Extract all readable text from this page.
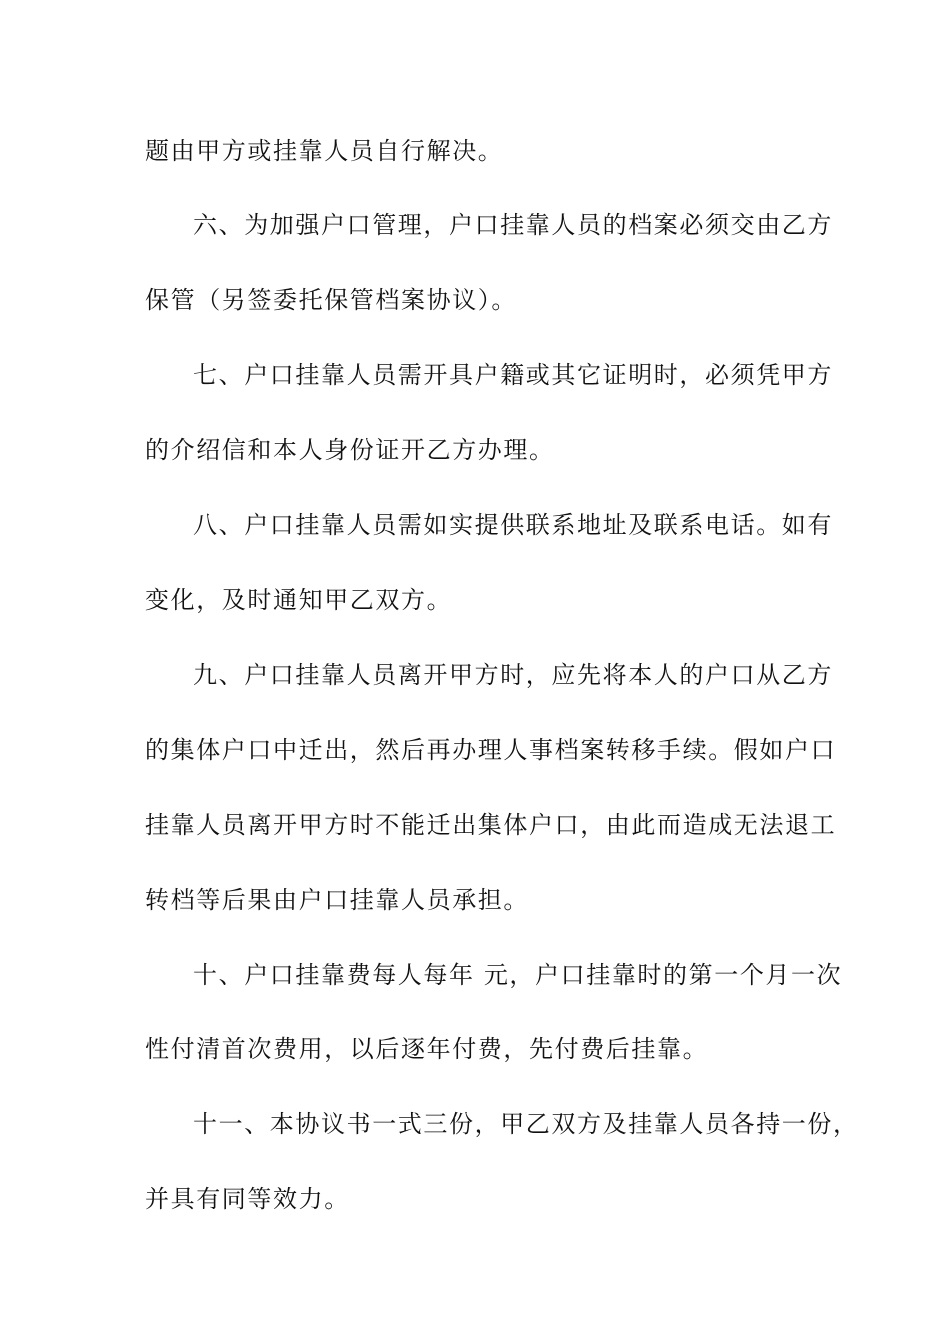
题由甲方或挂靠人员自行解决。
六、为加强户口管理，户口挂靠人员的档案必须交由乙方
保管（另签委托保管档案协议）。
七、户口挂靠人员需开具户籍或其它证明时，必须凭甲方
的介绍信和本人身份证开乙方办理。
八、户口挂靠人员需如实提供联系地址及联系电话。如有
变化，及时通知甲乙双方。
九、户口挂靠人员离开甲方时，应先将本人的户口从乙方
的集体户口中迁出，然后再办理人事档案转移手续。假如户口
挂靠人员离开甲方时不能迁出集体户口，由此而造成无法退工
转档等后果由户口挂靠人员承担。
十、户口挂靠费每人每年 元，户口挂靠时的第一个月一次
性付清首次费用，以后逐年付费，先付费后挂靠。
十一、本协议书一式三份，甲乙双方及挂靠人员各持一份，
并具有同等效力。
